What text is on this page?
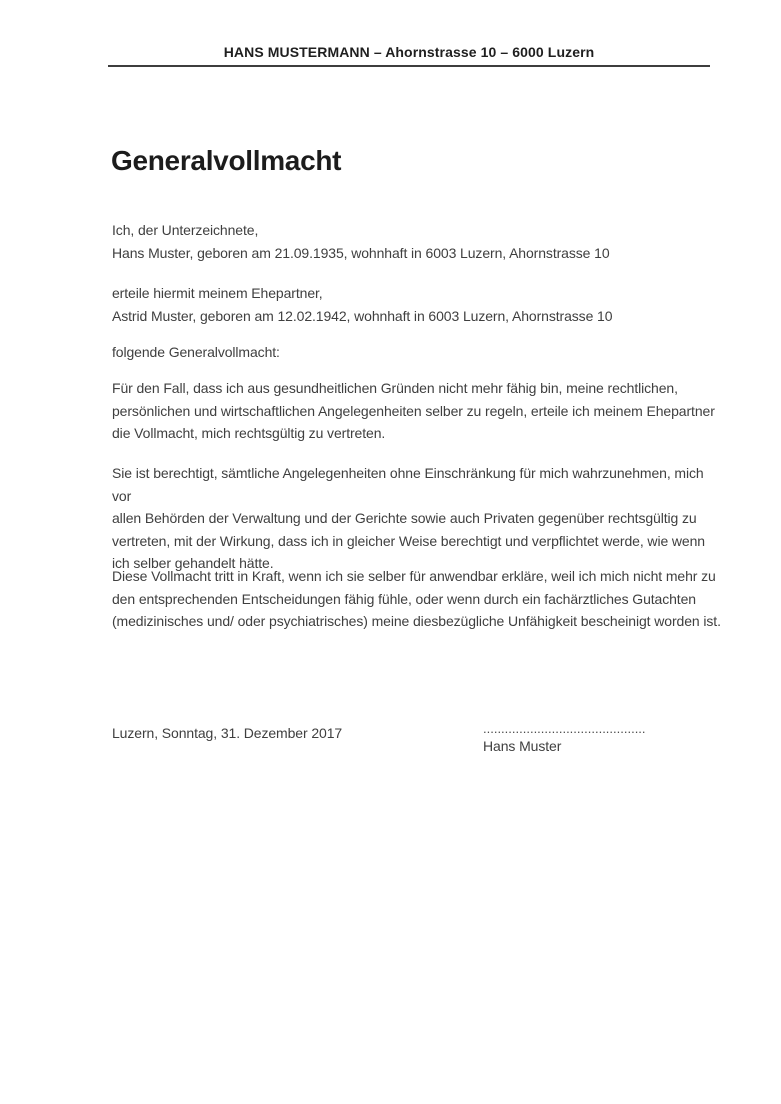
HANS MUSTERMANN – Ahornstrasse 10 – 6000 Luzern
Generalvollmacht
Ich, der Unterzeichnete,
Hans Muster, geboren am 21.09.1935, wohnhaft in 6003 Luzern, Ahornstrasse 10
erteile hiermit meinem Ehepartner,
Astrid Muster, geboren am 12.02.1942, wohnhaft in 6003 Luzern, Ahornstrasse 10
folgende Generalvollmacht:
Für den Fall, dass ich aus gesundheitlichen Gründen nicht mehr fähig bin, meine rechtlichen,
persönlichen und wirtschaftlichen Angelegenheiten selber zu regeln, erteile ich meinem Ehepartner
die Vollmacht, mich rechtsgültig zu vertreten.
Sie ist berechtigt, sämtliche Angelegenheiten ohne Einschränkung für mich wahrzunehmen, mich vor
allen Behörden der Verwaltung und der Gerichte sowie auch Privaten gegenüber rechtsgültig zu
vertreten, mit der Wirkung, dass ich in gleicher Weise berechtigt und verpflichtet werde, wie wenn
ich selber gehandelt hätte.
Diese Vollmacht tritt in Kraft, wenn ich sie selber für anwendbar erkläre, weil ich mich nicht mehr zu
den entsprechenden Entscheidungen fähig fühle, oder wenn durch ein fachärztliches Gutachten
(medizinisches und/ oder psychiatrisches) meine diesbezügliche Unfähigkeit bescheinigt worden ist.
Luzern, Sonntag, 31. Dezember 2017	.............................................
Hans Muster
